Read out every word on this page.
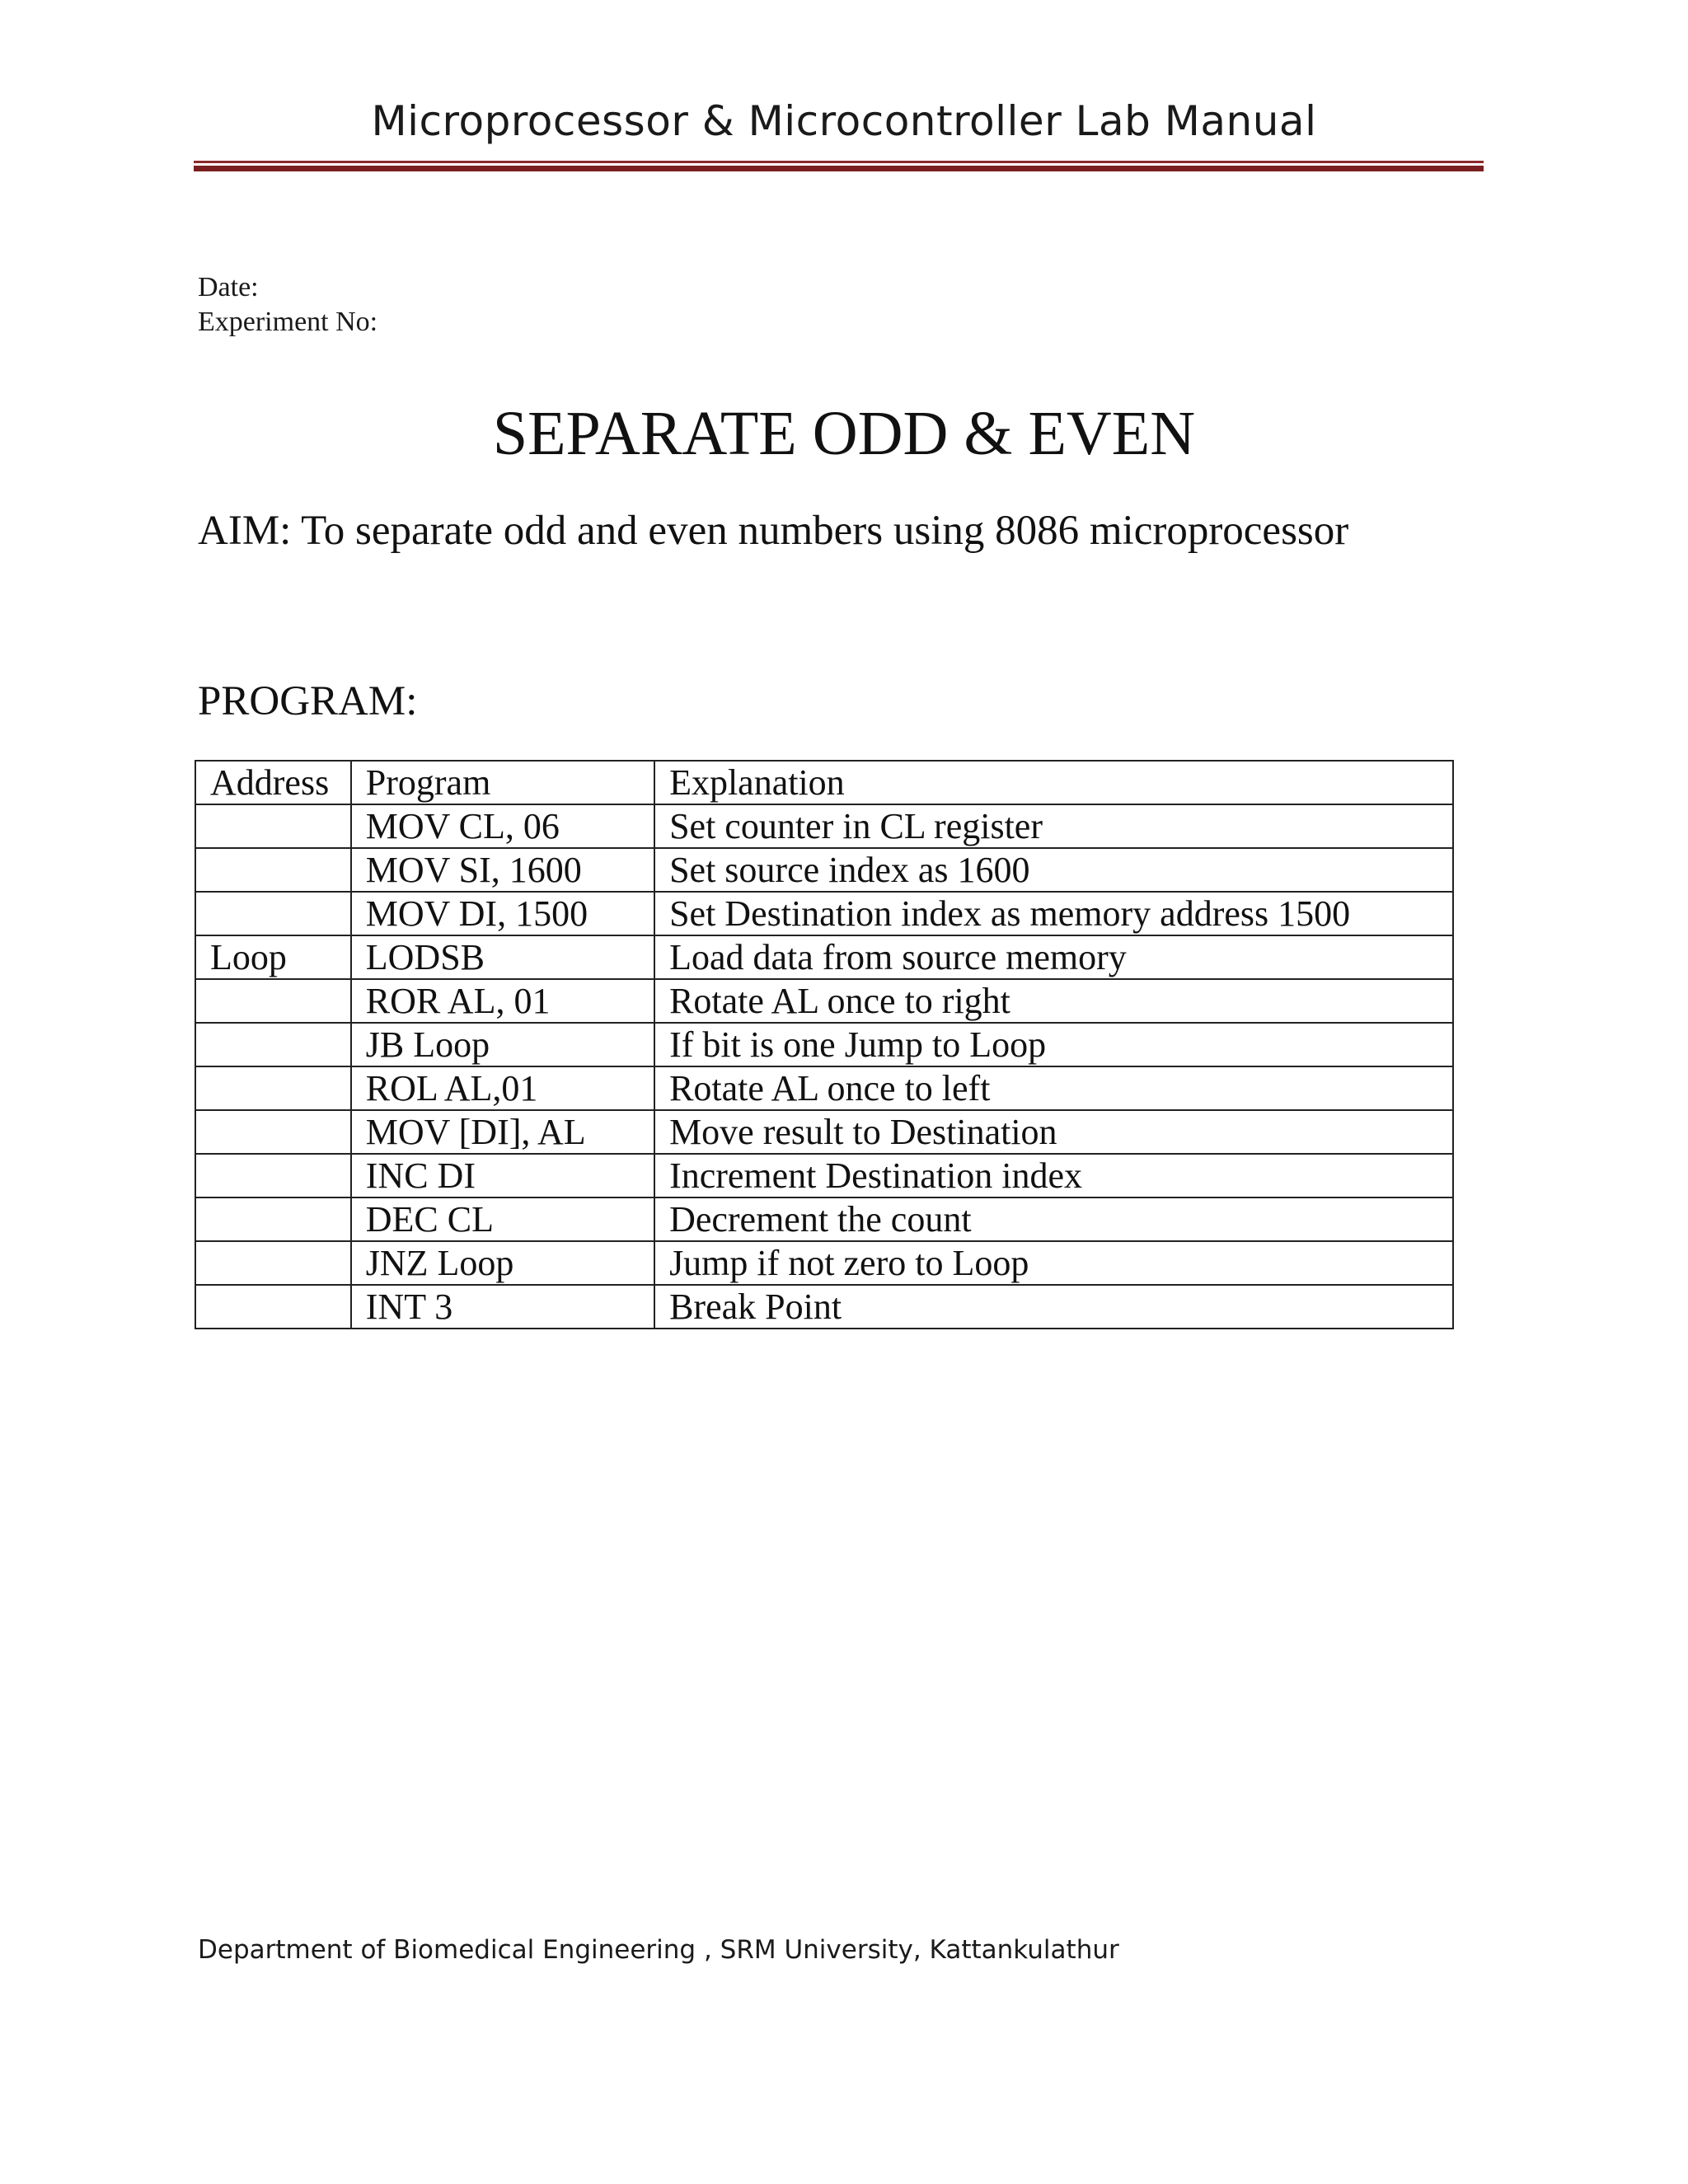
Microprocessor & Microcontroller Lab Manual
Date:
Experiment No:
SEPARATE ODD & EVEN
AIM: To separate odd and even numbers using 8086 microprocessor
PROGRAM:
Address	Program	Explanation
	MOV CL, 06	Set counter in CL register
	MOV SI, 1600	Set source index as 1600
	MOV DI, 1500	Set Destination index as memory address 1500
Loop	LODSB	Load data from source memory
	ROR AL, 01	Rotate AL once to right
	JB Loop	If bit is one Jump to Loop
	ROL AL,01	Rotate AL once to left
	MOV [DI], AL	Move result to Destination
	INC DI	Increment Destination index
	DEC CL	Decrement the count
	JNZ Loop	Jump if not zero to Loop
	INT 3	Break Point
Department of Biomedical Engineering , SRM University, Kattankulathur
